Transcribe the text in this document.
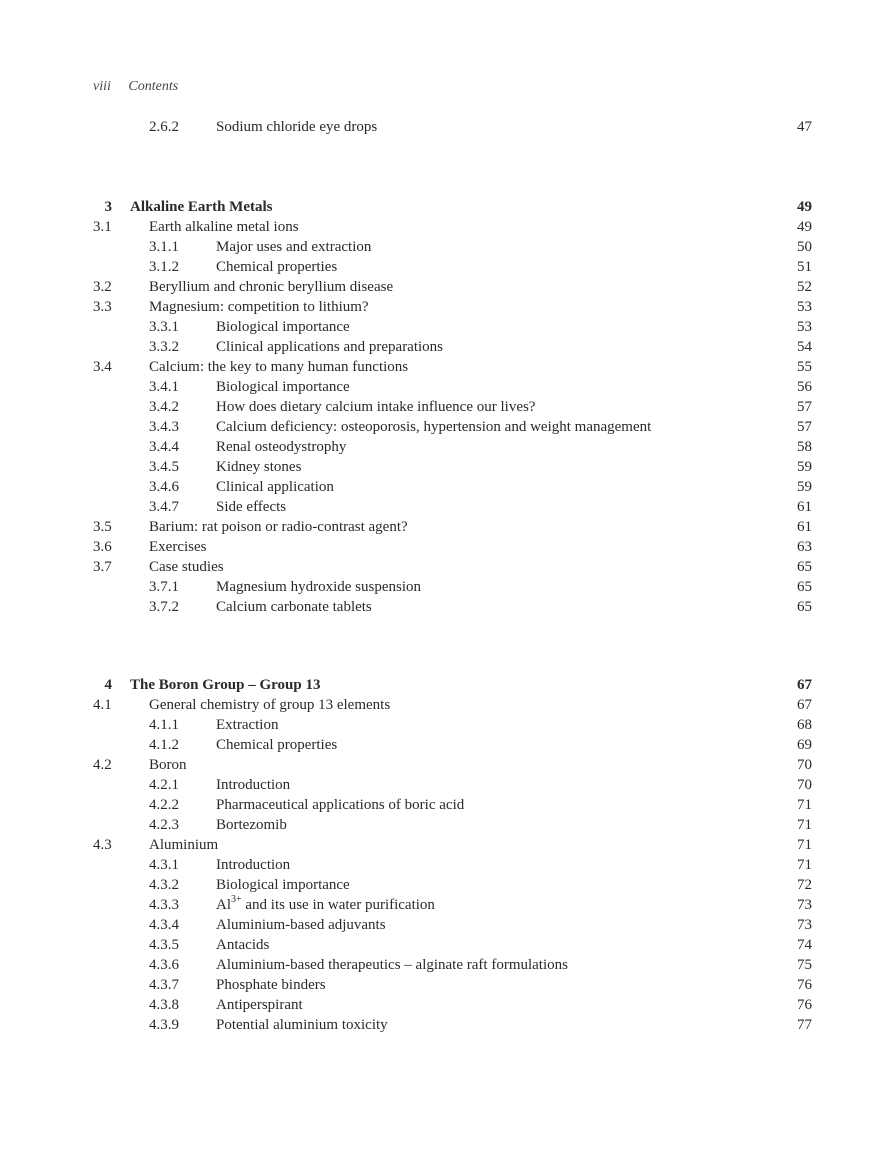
viii Contents
2.6.2 Sodium chloride eye drops	47
3 Alkaline Earth Metals	49
3.1 Earth alkaline metal ions	49
3.1.1 Major uses and extraction	50
3.1.2 Chemical properties	51
3.2 Beryllium and chronic beryllium disease	52
3.3 Magnesium: competition to lithium?	53
3.3.1 Biological importance	53
3.3.2 Clinical applications and preparations	54
3.4 Calcium: the key to many human functions	55
3.4.1 Biological importance	56
3.4.2 How does dietary calcium intake influence our lives?	57
3.4.3 Calcium deficiency: osteoporosis, hypertension and weight management	57
3.4.4 Renal osteodystrophy	58
3.4.5 Kidney stones	59
3.4.6 Clinical application	59
3.4.7 Side effects	61
3.5 Barium: rat poison or radio-contrast agent?	61
3.6 Exercises	63
3.7 Case studies	65
3.7.1 Magnesium hydroxide suspension	65
3.7.2 Calcium carbonate tablets	65
4 The Boron Group – Group 13	67
4.1 General chemistry of group 13 elements	67
4.1.1 Extraction	68
4.1.2 Chemical properties	69
4.2 Boron	70
4.2.1 Introduction	70
4.2.2 Pharmaceutical applications of boric acid	71
4.2.3 Bortezomib	71
4.3 Aluminium	71
4.3.1 Introduction	71
4.3.2 Biological importance	72
4.3.3 $Al^{3+}$ and its use in water purification	73
4.3.4 Aluminium-based adjuvants	73
4.3.5 Antacids	74
4.3.6 Aluminium-based therapeutics – alginate raft formulations	75
4.3.7 Phosphate binders	76
4.3.8 Antiperspirant	76
4.3.9 Potential aluminium toxicity	77
